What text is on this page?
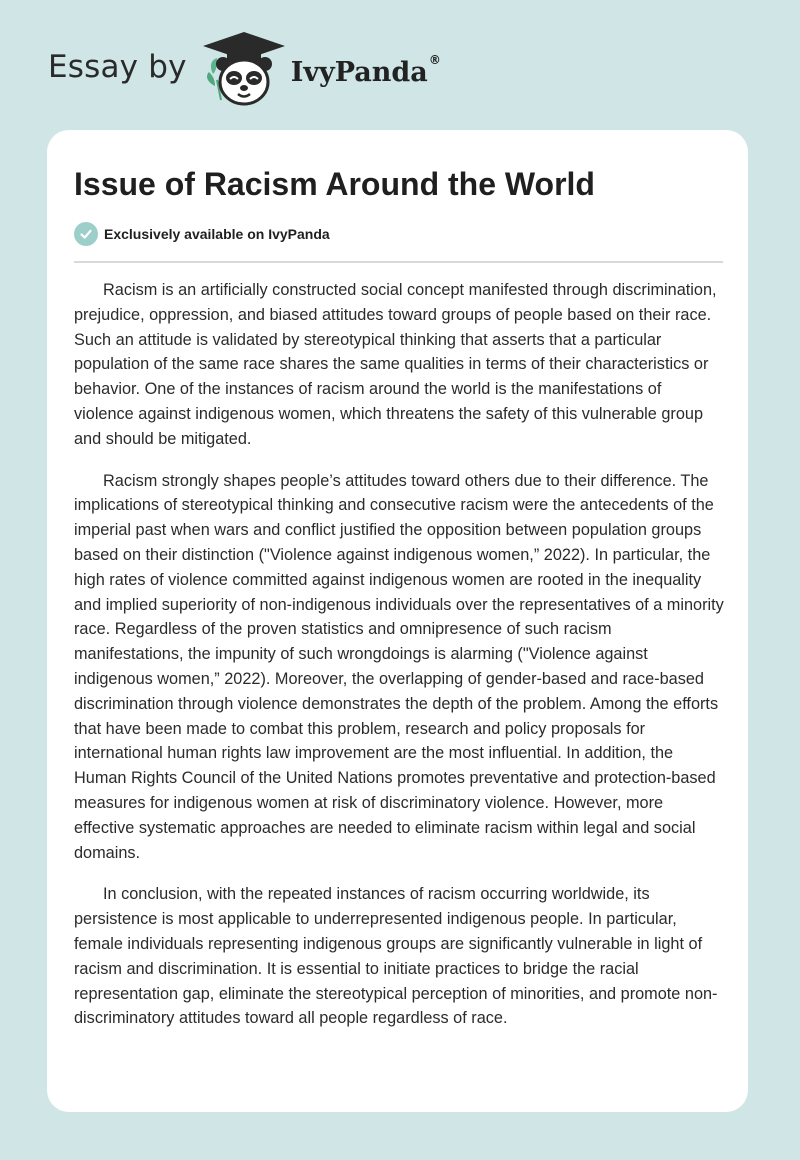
Essay by	IvyPanda®
Issue of Racism Around the World
Exclusively available on IvyPanda

Racism is an artificially constructed social concept manifested through discrimination, prejudice, oppression, and biased attitudes toward groups of people based on their race. Such an attitude is validated by stereotypical thinking that asserts that a particular population of the same race shares the same qualities in terms of their characteristics or behavior. One of the instances of racism around the world is the manifestations of violence against indigenous women, which threatens the safety of this vulnerable group and should be mitigated.

Racism strongly shapes people’s attitudes toward others due to their difference. The implications of stereotypical thinking and consecutive racism were the antecedents of the imperial past when wars and conflict justified the opposition between population groups based on their distinction ("Violence against indigenous women,” 2022). In particular, the high rates of violence committed against indigenous women are rooted in the inequality and implied superiority of non-indigenous individuals over the representatives of a minority race. Regardless of the proven statistics and omnipresence of such racism manifestations, the impunity of such wrongdoings is alarming ("Violence against indigenous women,” 2022). Moreover, the overlapping of gender-based and race-based discrimination through violence demonstrates the depth of the problem. Among the efforts that have been made to combat this problem, research and policy proposals for international human rights law improvement are the most influential. In addition, the Human Rights Council of the United Nations promotes preventative and protection-based measures for indigenous women at risk of discriminatory violence. However, more effective systematic approaches are needed to eliminate racism within legal and social domains.

In conclusion, with the repeated instances of racism occurring worldwide, its persistence is most applicable to underrepresented indigenous people. In particular, female individuals representing indigenous groups are significantly vulnerable in light of racism and discrimination. It is essential to initiate practices to bridge the racial representation gap, eliminate the stereotypical perception of minorities, and promote non-discriminatory attitudes toward all people regardless of race.
